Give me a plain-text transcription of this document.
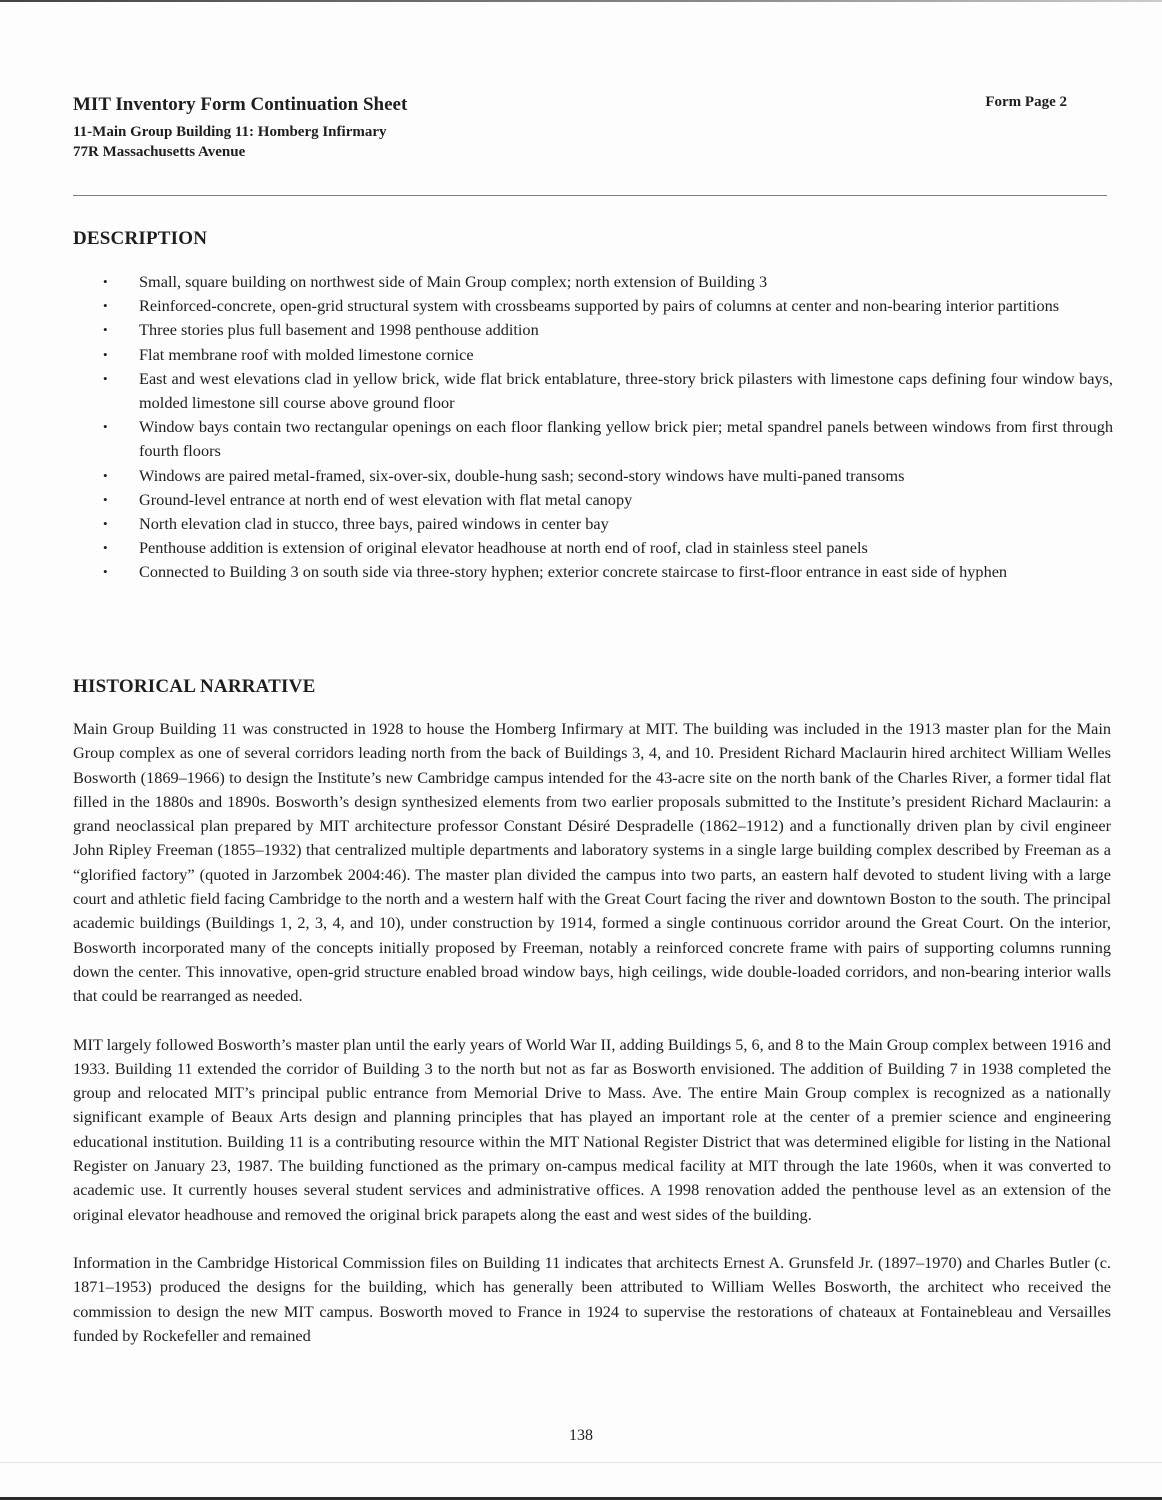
MIT Inventory Form Continuation Sheet	Form Page 2

11-Main Group Building 11: Homberg Infirmary

77R Massachusetts Avenue

DESCRIPTION
• Small, square building on northwest side of Main Group complex; north extension of Building 3
• Reinforced-concrete, open-grid structural system with crossbeams supported by pairs of columns at center and non-bearing interior partitions
• Three stories plus full basement and 1998 penthouse addition
• Flat membrane roof with molded limestone cornice
• East and west elevations clad in yellow brick, wide flat brick entablature, three-story brick pilasters with limestone caps defining four window bays, molded limestone sill course above ground floor
• Window bays contain two rectangular openings on each floor flanking yellow brick pier; metal spandrel panels between windows from first through fourth floors
• Windows are paired metal-framed, six-over-six, double-hung sash; second-story windows have multi-paned transoms
• Ground-level entrance at north end of west elevation with flat metal canopy
• North elevation clad in stucco, three bays, paired windows in center bay
• Penthouse addition is extension of original elevator headhouse at north end of roof, clad in stainless steel panels
• Connected to Building 3 on south side via three-story hyphen; exterior concrete staircase to first-floor entrance in east side of hyphen
HISTORICAL NARRATIVE

Main Group Building 11 was constructed in 1928 to house the Homberg Infirmary at MIT. The building was included in the 1913 master plan for the Main Group complex as one of several corridors leading north from the back of Buildings 3, 4, and 10. President Richard Maclaurin hired architect William Welles Bosworth (1869–1966) to design the Institute’s new Cambridge campus intended for the 43-acre site on the north bank of the Charles River, a former tidal flat filled in the 1880s and 1890s. Bosworth’s design synthesized elements from two earlier proposals submitted to the Institute’s president Richard Maclaurin: a grand neoclassical plan prepared by MIT architecture professor Constant Désiré Despradelle (1862–1912) and a functionally driven plan by civil engineer John Ripley Freeman (1855–1932) that centralized multiple departments and laboratory systems in a single large building complex described by Freeman as a “glorified factory” (quoted in Jarzombek 2004:46). The master plan divided the campus into two parts, an eastern half devoted to student living with a large court and athletic field facing Cambridge to the north and a western half with the Great Court facing the river and downtown Boston to the south. The principal academic buildings (Buildings 1, 2, 3, 4, and 10), under construction by 1914, formed a single continuous corridor around the Great Court. On the interior, Bosworth incorporated many of the concepts initially proposed by Freeman, notably a reinforced concrete frame with pairs of supporting columns running down the center. This innovative, open-grid structure enabled broad window bays, high ceilings, wide double-loaded corridors, and non-bearing interior walls that could be rearranged as needed.

MIT largely followed Bosworth’s master plan until the early years of World War II, adding Buildings 5, 6, and 8 to the Main Group complex between 1916 and 1933. Building 11 extended the corridor of Building 3 to the north but not as far as Bosworth envisioned. The addition of Building 7 in 1938 completed the group and relocated MIT’s principal public entrance from Memorial Drive to Mass. Ave. The entire Main Group complex is recognized as a nationally significant example of Beaux Arts design and planning principles that has played an important role at the center of a premier science and engineering educational institution. Building 11 is a contributing resource within the MIT National Register District that was determined eligible for listing in the National Register on January 23, 1987. The building functioned as the primary on-campus medical facility at MIT through the late 1960s, when it was converted to academic use. It currently houses several student services and administrative offices. A 1998 renovation added the penthouse level as an extension of the original elevator headhouse and removed the original brick parapets along the east and west sides of the building.

Information in the Cambridge Historical Commission files on Building 11 indicates that architects Ernest A. Grunsfeld Jr. (1897–1970) and Charles Butler (c. 1871–1953) produced the designs for the building, which has generally been attributed to William Welles Bosworth, the architect who received the commission to design the new MIT campus. Bosworth moved to France in 1924 to supervise the restorations of chateaux at Fontainebleau and Versailles funded by Rockefeller and remained

138
